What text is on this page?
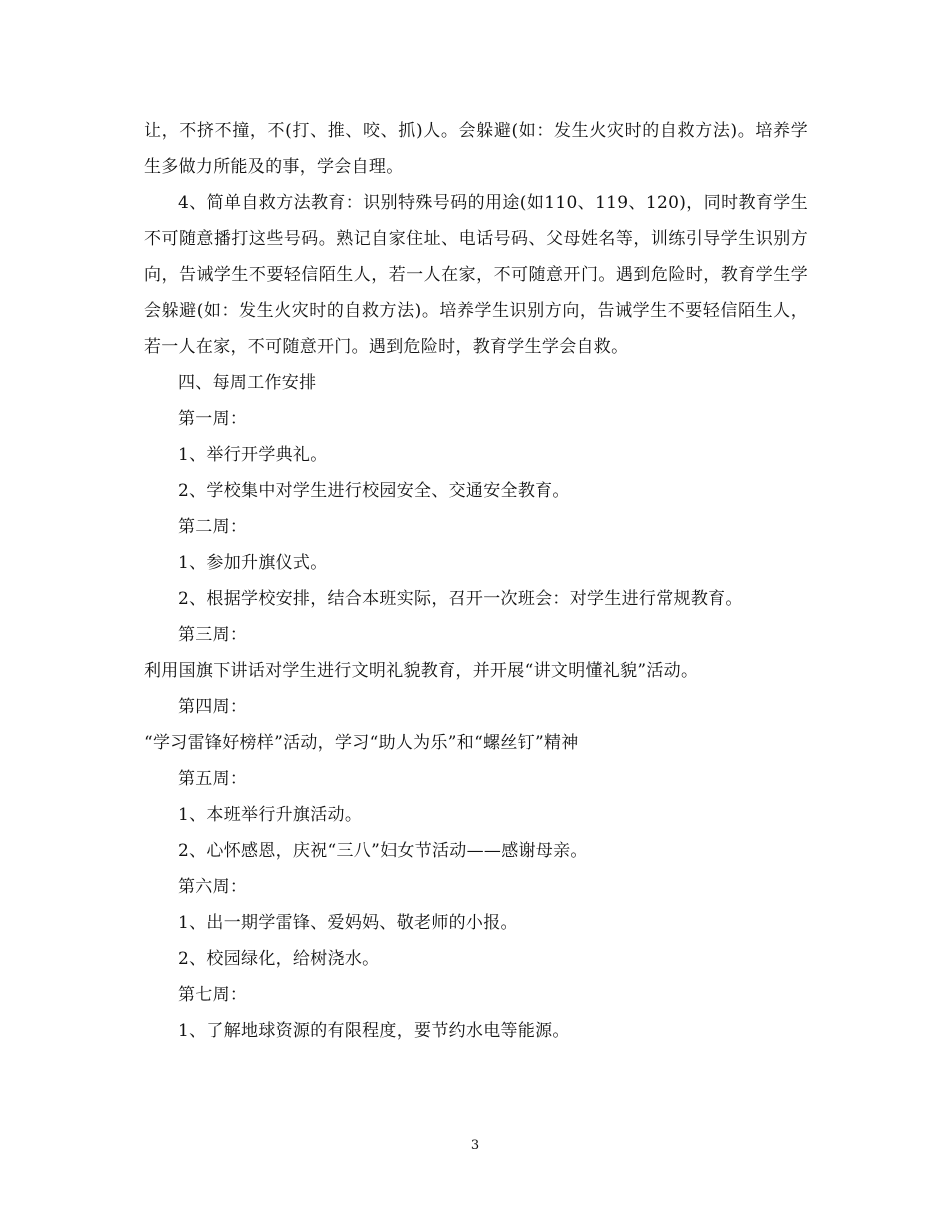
让，不挤不撞，不(打、推、咬、抓)人。会躲避(如：发生火灾时的自救方法)。培养学生多做力所能及的事，学会自理。

4、简单自救方法教育：识别特殊号码的用途(如110、119、120)，同时教育学生不可随意播打这些号码。熟记自家住址、电话号码、父母姓名等，训练引导学生识别方向，告诫学生不要轻信陌生人，若一人在家，不可随意开门。遇到危险时，教育学生学会躲避(如：发生火灾时的自救方法)。培养学生识别方向，告诫学生不要轻信陌生人，若一人在家，不可随意开门。遇到危险时，教育学生学会自救。

四、每周工作安排

第一周：

1、举行开学典礼。

2、学校集中对学生进行校园安全、交通安全教育。

第二周：

1、参加升旗仪式。

2、根据学校安排，结合本班实际，召开一次班会：对学生进行常规教育。

第三周：

利用国旗下讲话对学生进行文明礼貌教育，并开展“讲文明懂礼貌”活动。

第四周：

“学习雷锋好榜样”活动，学习“助人为乐”和“螺丝钉”精神

第五周：

1、本班举行升旗活动。

2、心怀感恩，庆祝“三八”妇女节活动——感谢母亲。

第六周：

1、出一期学雷锋、爱妈妈、敬老师的小报。

2、校园绿化，给树浇水。

第七周：

1、了解地球资源的有限程度，要节约水电等能源。

3
